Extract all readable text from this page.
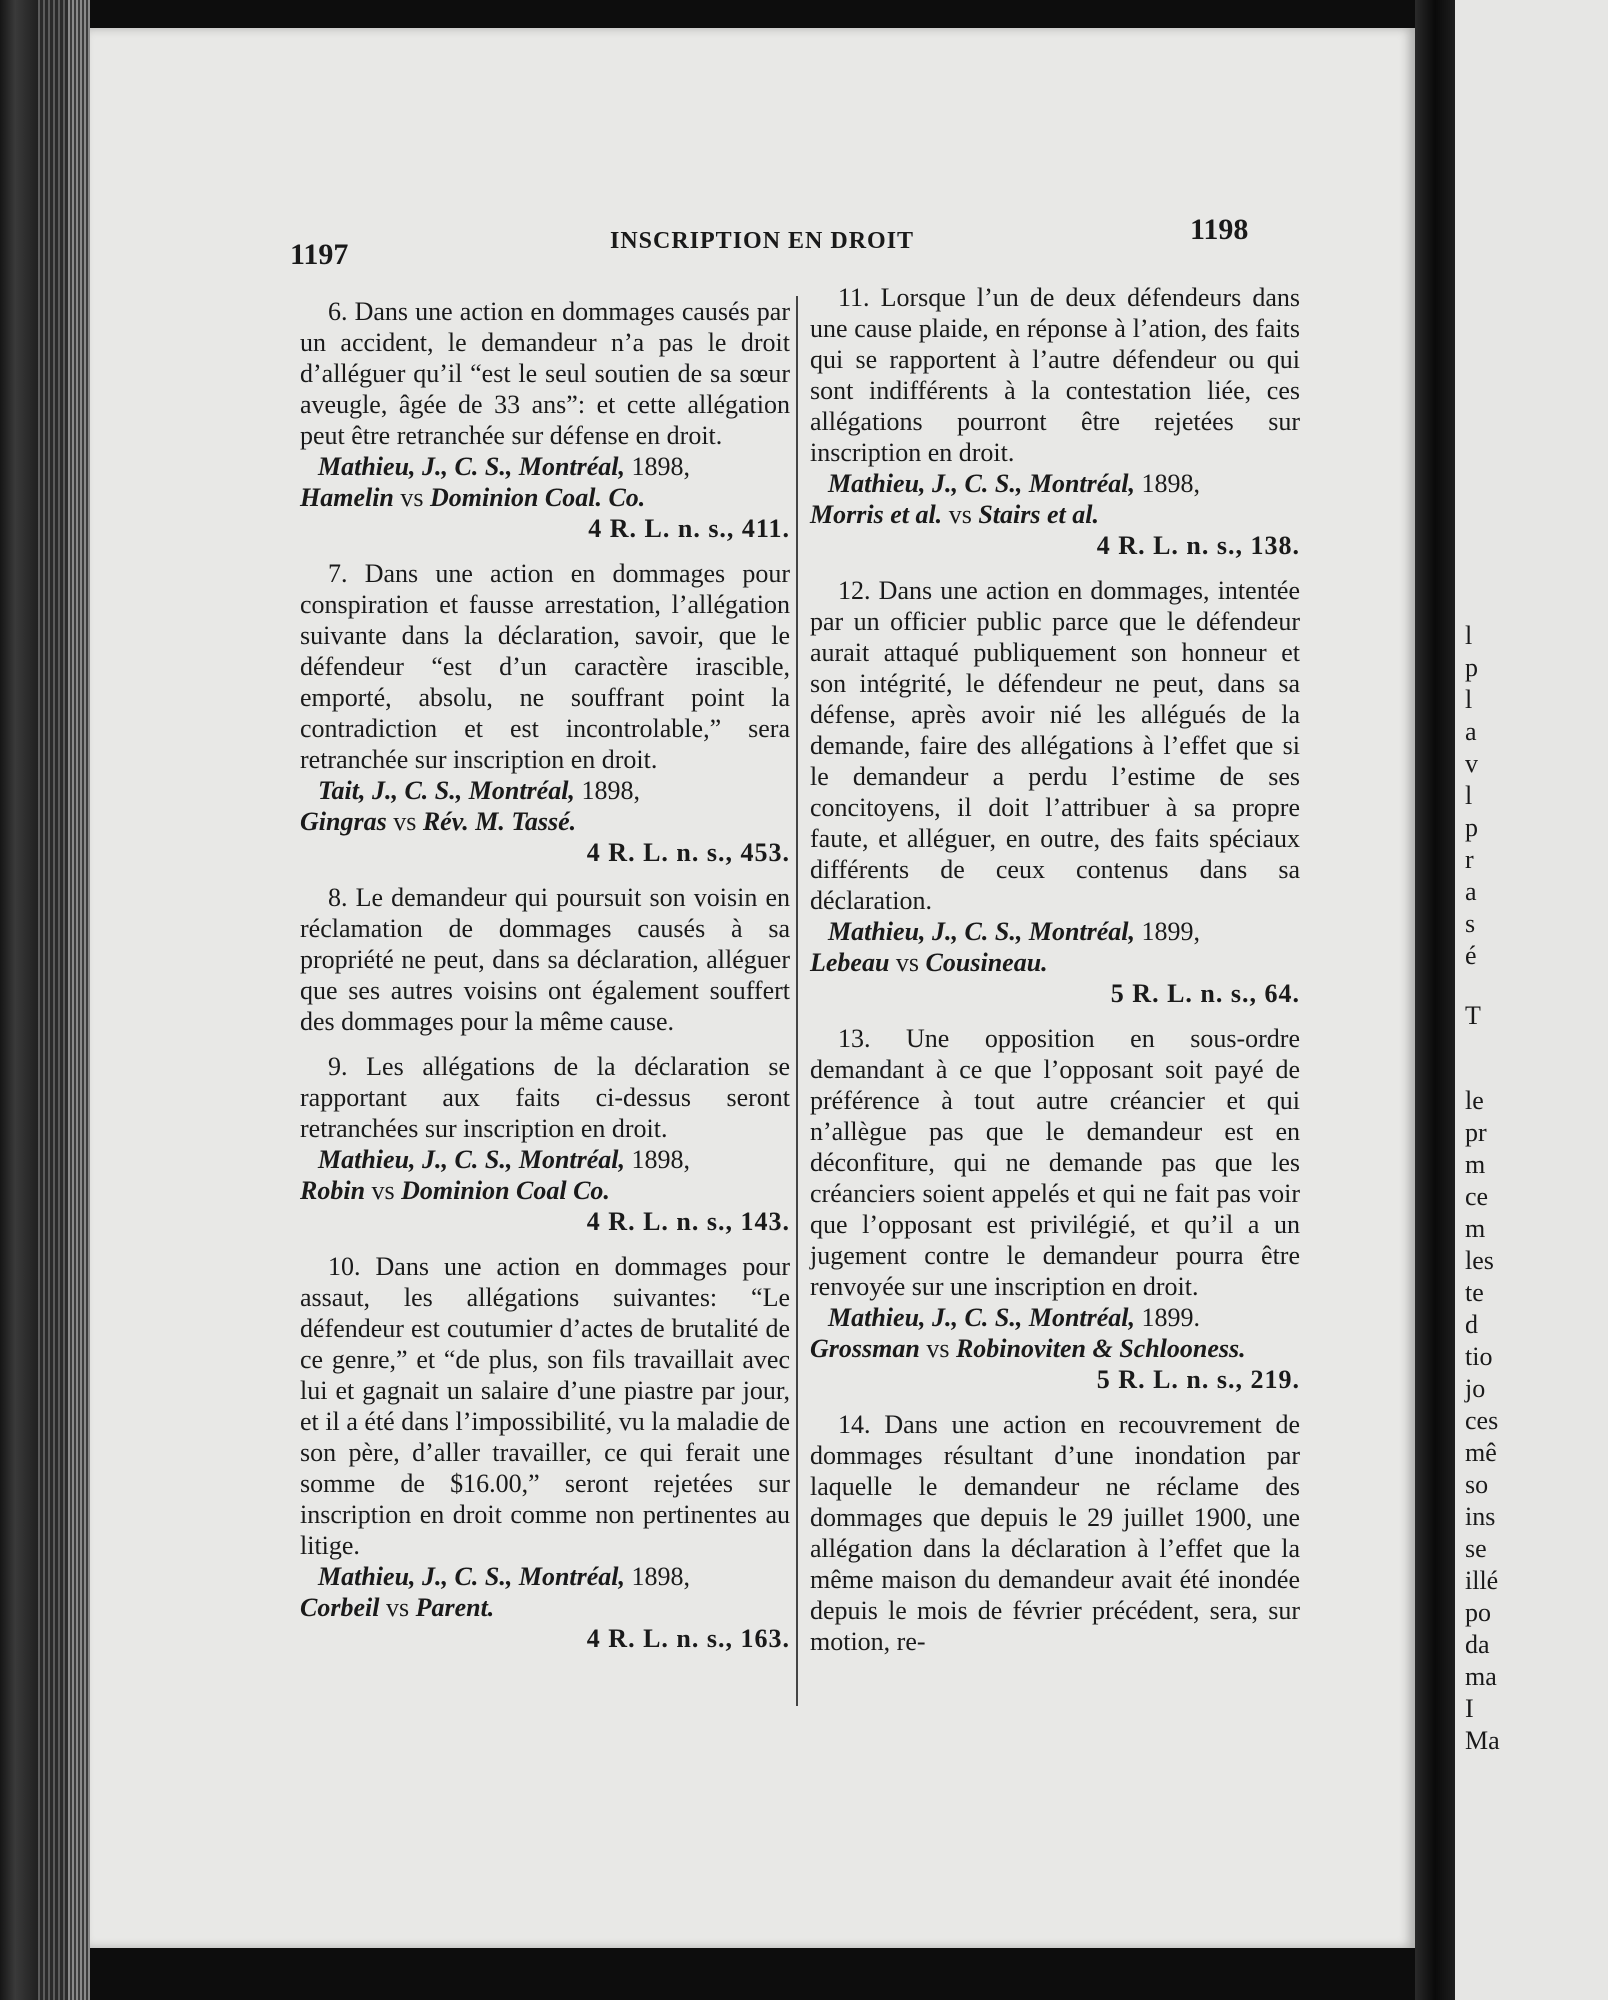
1197	INSCRIPTION EN DROIT	1198

6. Dans une action en dommages causés par un accident, le demandeur n’a pas le droit d’alléguer qu’il “est le seul soutien de sa sœur aveugle, âgée de 33 ans”: et cette allégation peut être retranchée sur défense en droit.

Mathieu, J., C. S., Montréal, 1898,

Hamelin vs Dominion Coal. Co.

4 R. L. n. s., 411.

7. Dans une action en dommages pour conspiration et fausse arrestation, l’allégation suivante dans la déclaration, savoir, que le défendeur “est d’un caractère irascible, emporté, absolu, ne souffrant point la contradiction et est incontrolable,” sera retranchée sur inscription en droit.

Tait, J., C. S., Montréal, 1898,

Gingras vs Rév. M. Tassé.

4 R. L. n. s., 453.

8. Le demandeur qui poursuit son voisin en réclamation de dommages causés à sa propriété ne peut, dans sa déclaration, alléguer que ses autres voisins ont également souffert des dommages pour la même cause.

9. Les allégations de la déclaration se rapportant aux faits ci-dessus seront retranchées sur inscription en droit.

Mathieu, J., C. S., Montréal, 1898,

Robin vs Dominion Coal Co.

4 R. L. n. s., 143.

10. Dans une action en dommages pour assaut, les allégations suivantes: “Le défendeur est coutumier d’actes de brutalité de ce genre,” et “de plus, son fils travaillait avec lui et gagnait un salaire d’une piastre par jour, et il a été dans l’impossibilité, vu la maladie de son père, d’aller travailler, ce qui ferait une somme de $16.00,” seront rejetées sur inscription en droit comme non pertinentes au litige.

Mathieu, J., C. S., Montréal, 1898,

Corbeil vs Parent.

4 R. L. n. s., 163.

11. Lorsque l’un de deux défendeurs dans une cause plaide, en réponse à l’ation, des faits qui se rapportent à l’autre défendeur ou qui sont indifférents à la contestation liée, ces allégations pourront être rejetées sur inscription en droit.

Mathieu, J., C. S., Montréal, 1898,

Morris et al. vs Stairs et al.

4 R. L. n. s., 138.

12. Dans une action en dommages, intentée par un officier public parce que le défendeur aurait attaqué publiquement son honneur et son intégrité, le défendeur ne peut, dans sa défense, après avoir nié les allégués de la demande, faire des allégations à l’effet que si le demandeur a perdu l’estime de ses concitoyens, il doit l’attribuer à sa propre faute, et alléguer, en outre, des faits spéciaux différents de ceux contenus dans sa déclaration.

Mathieu, J., C. S., Montréal, 1899,

Lebeau vs Cousineau.

5 R. L. n. s., 64.

13. Une opposition en sous-ordre demandant à ce que l’opposant soit payé de préférence à tout autre créancier et qui n’allègue pas que le demandeur est en déconfiture, qui ne demande pas que les créanciers soient appelés et qui ne fait pas voir que l’opposant est privilégié, et qu’il a un jugement contre le demandeur pourra être renvoyée sur une inscription en droit.

Mathieu, J., C. S., Montréal, 1899.

Grossman vs Robinoviten & Schlooness.

5 R. L. n. s., 219.

14. Dans une action en recouvrement de dommages résultant d’une inondation par laquelle le demandeur ne réclame des dommages que depuis le 29 juillet 1900, une allégation dans la déclaration à l’effet que la même maison du demandeur avait été inondée depuis le mois de février précédent, sera, sur motion, re-

l
p
l
a
v
l
p
r
a
s
é
T
le
pr
m
ce
m
les
te
d
tio
jo
ces
mê
so
ins
se
illé
po
da
ma
I
Ma
